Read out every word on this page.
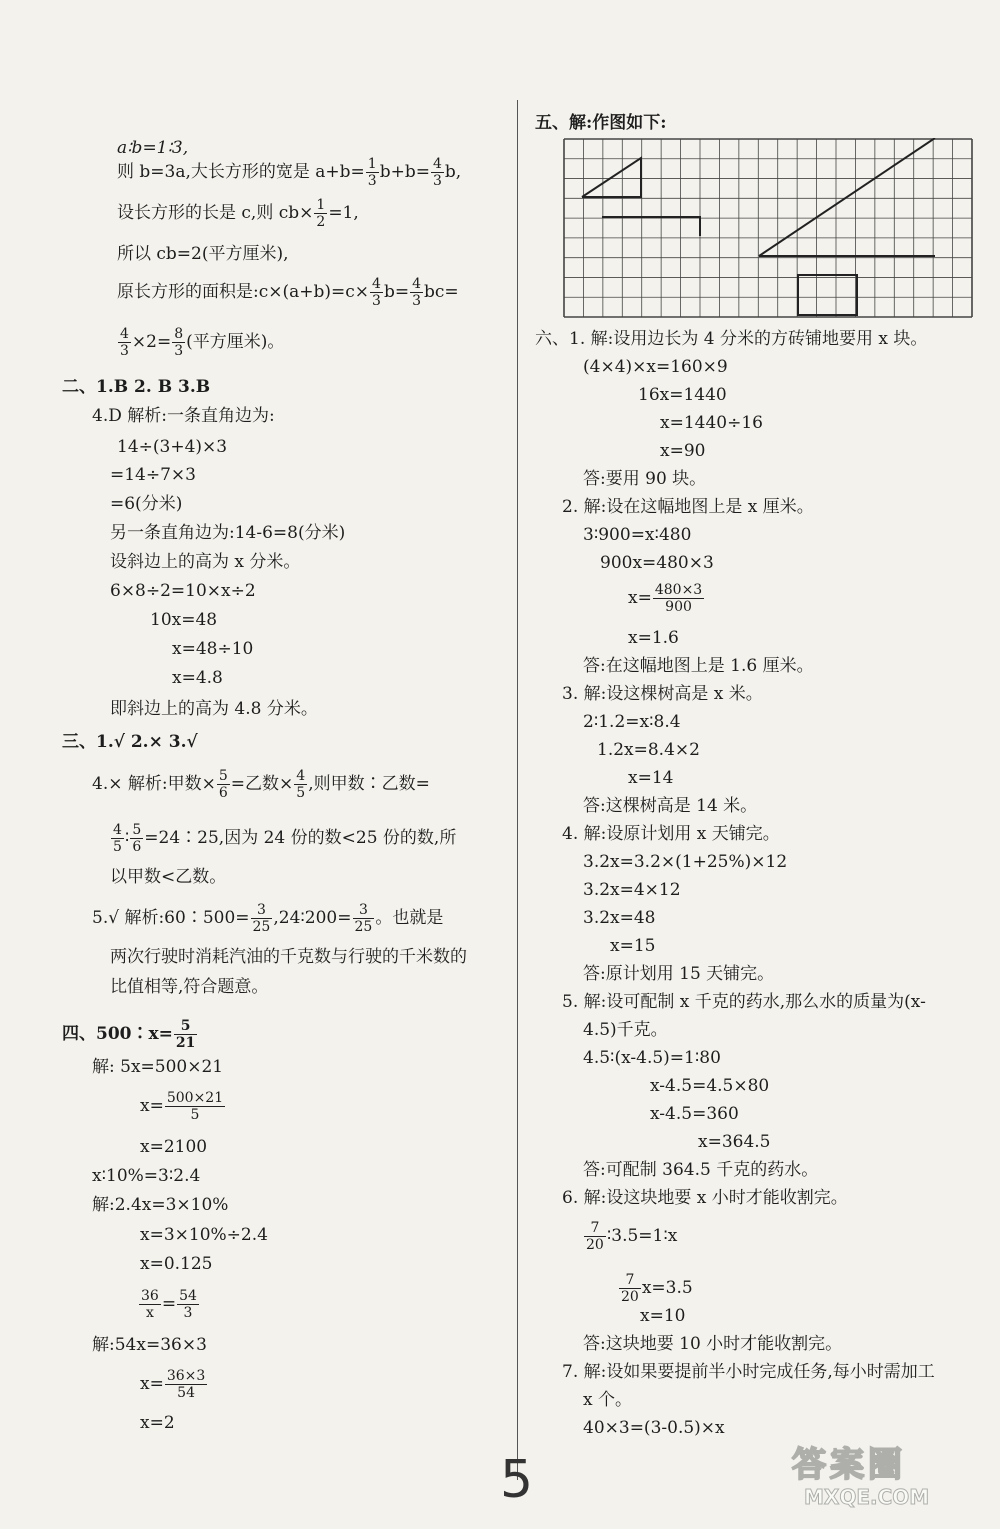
a∶b=1∶3,
则 b=3a,大长方形的宽是 $a+b= \frac{1}{3} b+b= \frac{4}{3} b$,
设长方形的长是 c,则 $cb\times \frac{1}{2} =1$,
所以 cb=2(平方厘米),
原长方形的面积是:c×(a+b)=c× $\frac{4}{3} b= \frac{4}{3} bc=$
$\frac{4}{3} \times 2= \frac{8}{3}$ (平方厘米)。
二、1.B 2. B 3.B
4.D 解析:一条直角边为:
14÷(3+4)×3
=14÷7×3
=6(分米)
另一条直角边为:14-6=8(分米)
设斜边上的高为 x 分米。
6×8÷2=10×x÷2
10x=48
x=48÷10
x=4.8
即斜边上的高为 4.8 分米。
三、1.√ 2.× 3.√
4.× 解析:甲数× $\frac{5}{6}$ =乙数× $\frac{4}{5}$ ,则甲数∶乙数=
$\frac{4}{5}$ ∶ $\frac{5}{6}$ =24∶25,因为 24 份的数<25 份的数,所
以甲数<乙数。
5.√ 解析:60∶500= $\frac{3}{25}$ ,24∶200= $\frac{3}{25}$ 。也就是
两次行驶时消耗汽油的千克数与行驶的千米数的
比值相等,符合题意。
四、500∶x= $\frac{5}{21}$
解: 5x=500×21
$x= \frac{500\times 21}{5}$
x=2100
x∶10%=3∶2.4
解:2.4x=3×10%
x=3×10%÷2.4
x=0.125
$\frac{36}{x} = \frac{54}{3}$
解:54x=36×3
$x= \frac{36\times 3}{54}$
x=2
五、解:作图如下:
六、1. 解:设用边长为 4 分米的方砖铺地要用 x 块。
(4×4)×x=160×9
16x=1440
x=1440÷16
x=90
答:要用 90 块。
2. 解:设在这幅地图上是 x 厘米。
3∶900=x∶480
900x=480×3
$x= \frac{480\times 3}{900}$
x=1.6
答:在这幅地图上是 1.6 厘米。
3. 解:设这棵树高是 x 米。
2∶1.2=x∶8.4
1.2x=8.4×2
x=14
答:这棵树高是 14 米。
4. 解:设原计划用 x 天铺完。
3.2x=3.2×(1+25%)×12
3.2x=4×12
3.2x=48
x=15
答:原计划用 15 天铺完。
5. 解:设可配制 x 千克的药水,那么水的质量为(x-
4.5)千克。
4.5∶(x-4.5)=1∶80
x-4.5=4.5×80
x-4.5=360
x=364.5
答:可配制 364.5 千克的药水。
6. 解:设这块地要 x 小时才能收割完。
$\frac{7}{20}$ ∶3.5=1∶x
$\frac{7}{20} x=3.5$
x=10
答:这块地要 10 小时才能收割完。
7. 解:设如果要提前半小时完成任务,每小时需加工
x 个。
40×3=(3-0.5)×x
5	答案圈
MXQE.COM
